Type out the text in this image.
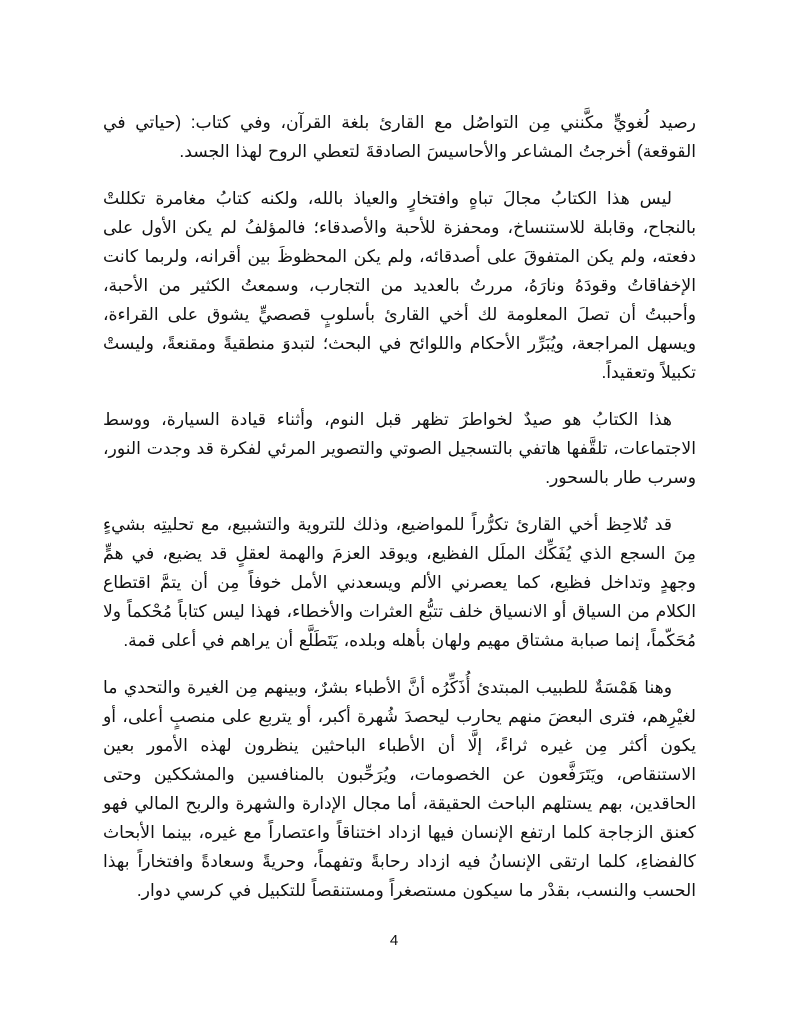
رصيد لُغويٍّ مكَّنني مِن التواصُل مع القارئ بلغة القرآن، وفي كتاب: (حياتي في القوقعة) أخرجتُ المشاعر والأحاسيسَ الصادقةَ لتعطي الروح لهذا الجسد.

ليس هذا الكتابُ مجالَ تباهٍ وافتخارٍ والعياذ بالله، ولكنه كتابُ مغامرة تكللتْ بالنجاح، وقابلة للاستنساخ، ومحفزة للأحبة والأصدقاء؛ فالمؤلفُ لم يكن الأول على دفعته، ولم يكن المتفوقَ على أصدقائه، ولم يكن المحظوظَ بين أقرانه، ولربما كانت الإخفاقاتُ وقودَهُ ونارَهُ، مررتُ بالعديد من التجارب، وسمعتُ الكثير من الأحبة، وأحببتُ أن تصلَ المعلومة لك أخي القارئ بأسلوبٍ قصصيٍّ يشوق على القراءة، ويسهل المراجعة، ويُبَرِّر الأحكام واللوائح في البحث؛ لتبدوَ منطقيةً ومقنعةً، وليستْ تكبيلاً وتعقيداً.

هذا الكتابُ هو صيدٌ لخواطرَ تظهر قبل النوم، وأثناء قيادة السيارة، ووسط الاجتماعات، تلقَّفها هاتفي بالتسجيل الصوتي والتصوير المرئي لفكرة قد وجدت النور، وسرب طار بالسحور.

قد تُلاحِظ أخي القارئ تكرُّراً للمواضيع، وذلك للتروية والتشبيع، مع تحليتِه بشيءٍ مِنَ السجع الذي يُفَكِّك الملَل الفظيع، ويوقد العزمَ والهمة لعقلٍ قد يضيع، في همٍّ وجهدٍ وتداخل فظيع، كما يعصرني الألم ويسعدني الأمل خوفاً مِن أن يتمَّ اقتطاع الكلام من السياق أو الانسياق خلف تتبُّع العثرات والأخطاء، فهذا ليس كتاباً مُحْكماً ولا مُحَكّماً، إنما صبابة مشتاق مهيم ولهان بأهله وبلده، يَتَطَلَّع أن يراهم في أعلى قمة.

وهنا هَمْسَةٌ للطبيب المبتدئ أُذَكِّرُه أنَّ الأطباء بشرٌ، وبينهم مِن الغيرة والتحدي ما لغيْرِهم، فترى البعضَ منهم يحارب ليحصدَ شُهرة أكبر، أو يتربع على منصبٍ أعلى، أو يكون أكثر مِن غيره ثراءً، إلَّا أن الأطباء الباحثين ينظرون لهذه الأمور بعين الاستنقاص، ويَتَرَفَّعون عن الخصومات، ويُرَحِّبون بالمنافسين والمشككين وحتى الحاقدين، بهم يستلهم الباحث الحقيقة، أما مجال الإدارة والشهرة والربح المالي فهو كعنق الزجاجة كلما ارتفع الإنسان فيها ازداد اختناقاً واعتصاراً مع غيره، بينما الأبحاث كالفضاءِ، كلما ارتقى الإنسانُ فيه ازداد رحابةً وتفهماً، وحريةً وسعادةً وافتخاراً بهذا الحسب والنسب، بقدْر ما سيكون مستصغراً ومستنقصاً للتكبيل في كرسي دوار.

4
